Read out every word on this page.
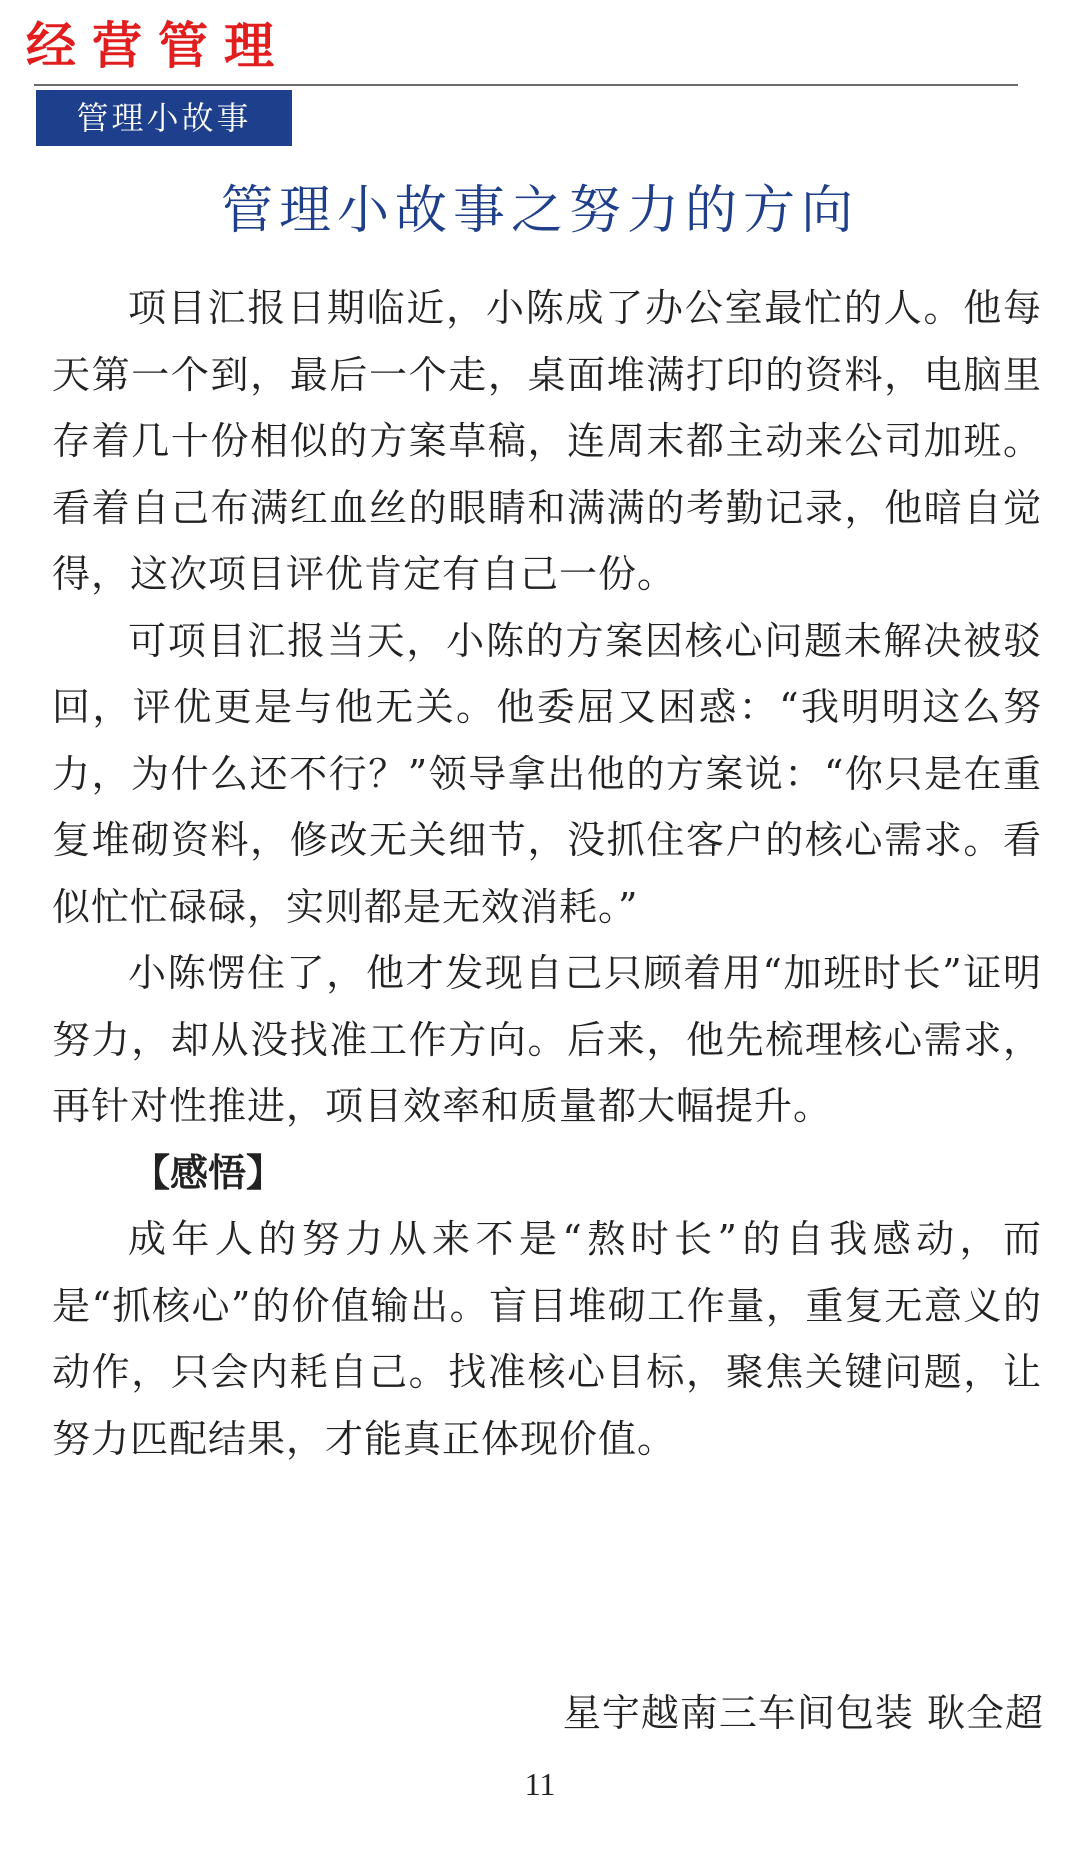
经营管理
管理小故事
管理小故事之努力的方向

项目汇报日期临近，小陈成了办公室最忙的人。他每天第一个到，最后一个走，桌面堆满打印的资料，电脑里存着几十份相似的方案草稿，连周末都主动来公司加班。看着自己布满红血丝的眼睛和满满的考勤记录，他暗自觉得，这次项目评优肯定有自己一份。

可项目汇报当天，小陈的方案因核心问题未解决被驳回，评优更是与他无关。他委屈又困惑：“我明明这么努力，为什么还不行？”领导拿出他的方案说：“你只是在重复堆砌资料，修改无关细节，没抓住客户的核心需求。看似忙忙碌碌，实则都是无效消耗。”

小陈愣住了，他才发现自己只顾着用“加班时长”证明努力，却从没找准工作方向。后来，他先梳理核心需求，再针对性推进，项目效率和质量都大幅提升。

【感悟】

成年人的努力从来不是“熬时长”的自我感动，而是“抓核心”的价值输出。盲目堆砌工作量，重复无意义的动作，只会内耗自己。找准核心目标，聚焦关键问题，让努力匹配结果，才能真正体现价值。

星宇越南三车间包装 耿全超
11
